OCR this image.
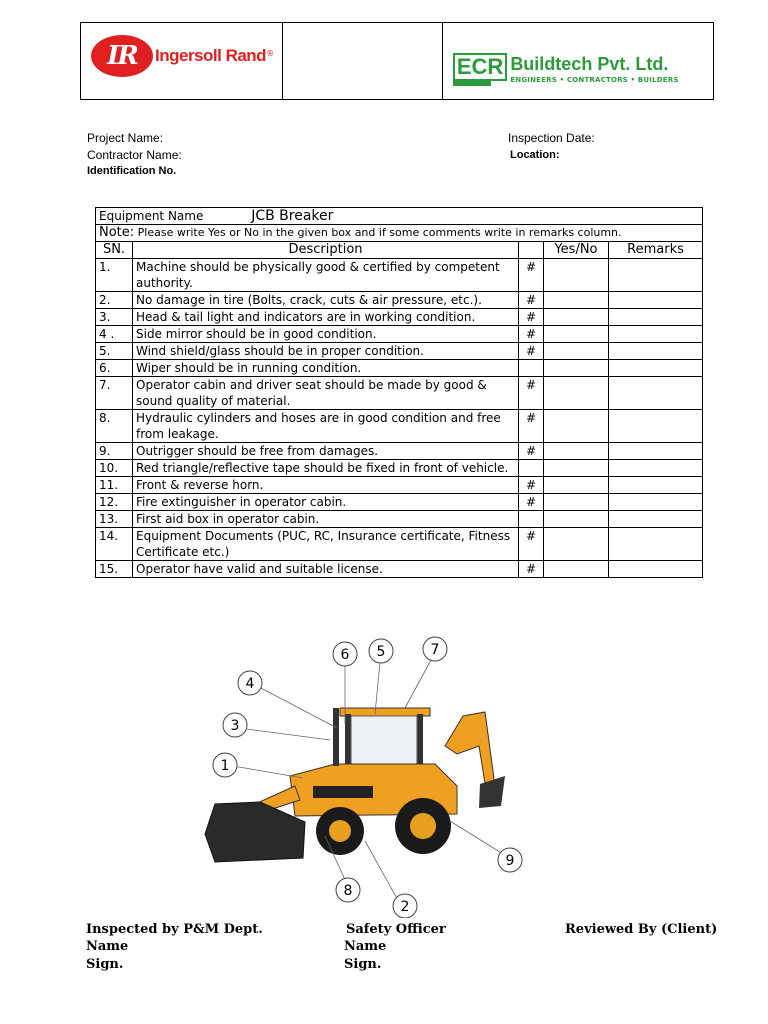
IR	Ingersoll Rand ®
ECR Buildtech Pvt. Ltd.
ENGINEERS • CONTRACTORS • BUILDERS
Project Name:
Contractor Name:
Identification No.
Inspection Date:
Location:
Equipment Name JCB Breaker				
Note: Please write Yes or No in the given box and if some comments write in remarks column.				
SN.	Description		Yes/No	Remarks
1.	Machine should be physically good & certified by competent authority.	#		
2.	No damage in tire (Bolts, crack, cuts & air pressure, etc.).	#		
3.	Head & tail light and indicators are in working condition.	#		
4 .	Side mirror should be in good condition.	#		
5.	Wind shield/glass should be in proper condition.	#		
6.	Wiper should be in running condition.			
7.	Operator cabin and driver seat should be made by good & sound quality of material.	#		
8.	Hydraulic cylinders and hoses are in good condition and free from leakage.	#		
9.	Outrigger should be free from damages.	#		
10.	Red triangle/reflective tape should be fixed in front of vehicle.			
11.	Front & reverse horn.	#		
12.	Fire extinguisher in operator cabin.	#		
13.	First aid box in operator cabin.			
14.	Equipment Documents (PUC, RC, Insurance certificate, Fitness Certificate etc.)	#		
15.	Operator have valid and suitable license.	#		
6 5	7
4
3
1
9
8
2
Inspected by P&M Dept.
Name
Sign.
Safety Officer
Name
Sign.
Reviewed By (Client)
